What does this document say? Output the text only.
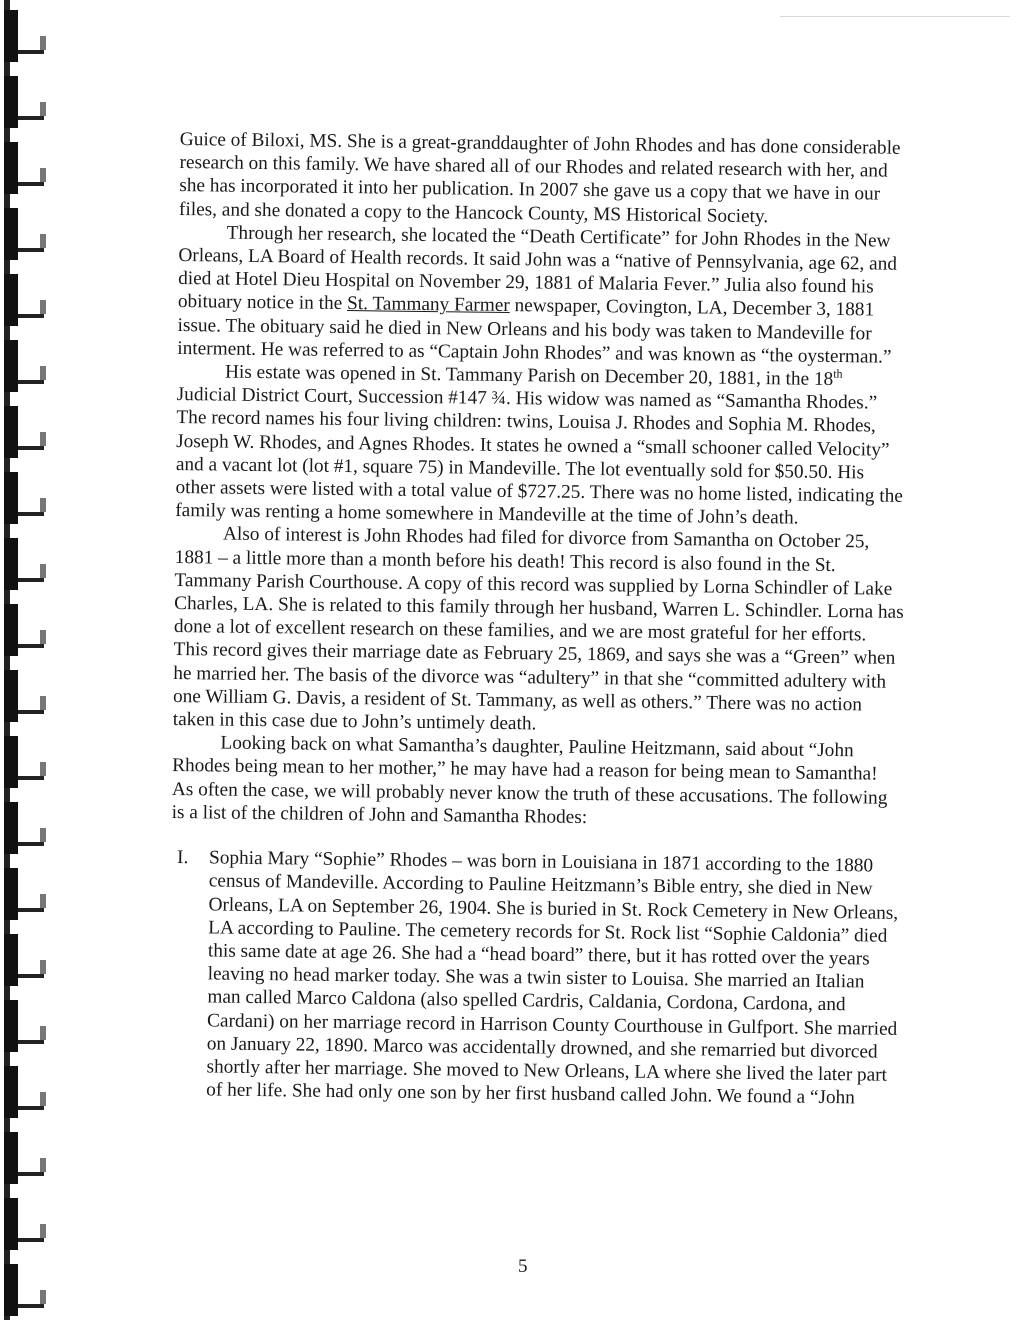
Guice of Biloxi, MS. She is a great-granddaughter of John Rhodes and has done considerable research on this family. We have shared all of our Rhodes and related research with her, and she has incorporated it into her publication. In 2007 she gave us a copy that we have in our files, and she donated a copy to the Hancock County, MS Historical Society.

Through her research, she located the “Death Certificate” for John Rhodes in the New Orleans, LA Board of Health records. It said John was a “native of Pennsylvania, age 62, and died at Hotel Dieu Hospital on November 29, 1881 of Malaria Fever.” Julia also found his obituary notice in the St. Tammany Farmer newspaper, Covington, LA, December 3, 1881 issue. The obituary said he died in New Orleans and his body was taken to Mandeville for interment. He was referred to as “Captain John Rhodes” and was known as “the oysterman.”

His estate was opened in St. Tammany Parish on December 20, 1881, in the 18th Judicial District Court, Succession #147 ¾. His widow was named as “Samantha Rhodes.” The record names his four living children: twins, Louisa J. Rhodes and Sophia M. Rhodes, Joseph W. Rhodes, and Agnes Rhodes. It states he owned a “small schooner called Velocity” and a vacant lot (lot #1, square 75) in Mandeville. The lot eventually sold for $50.50. His other assets were listed with a total value of $727.25. There was no home listed, indicating the family was renting a home somewhere in Mandeville at the time of John’s death.

Also of interest is John Rhodes had filed for divorce from Samantha on October 25, 1881 – a little more than a month before his death! This record is also found in the St. Tammany Parish Courthouse. A copy of this record was supplied by Lorna Schindler of Lake Charles, LA. She is related to this family through her husband, Warren L. Schindler. Lorna has done a lot of excellent research on these families, and we are most grateful for her efforts. This record gives their marriage date as February 25, 1869, and says she was a “Green” when he married her. The basis of the divorce was “adultery” in that she “committed adultery with one William G. Davis, a resident of St. Tammany, as well as others.” There was no action taken in this case due to John’s untimely death.

Looking back on what Samantha’s daughter, Pauline Heitzmann, said about “John Rhodes being mean to her mother,” he may have had a reason for being mean to Samantha! As often the case, we will probably never know the truth of these accusations. The following is a list of the children of John and Samantha Rhodes:

I.	Sophia Mary “Sophie” Rhodes – was born in Louisiana in 1871 according to the 1880 census of Mandeville. According to Pauline Heitzmann’s Bible entry, she died in New Orleans, LA on September 26, 1904. She is buried in St. Rock Cemetery in New Orleans, LA according to Pauline. The cemetery records for St. Rock list “Sophie Caldonia” died this same date at age 26. She had a “head board” there, but it has rotted over the years leaving no head marker today. She was a twin sister to Louisa. She married an Italian man called Marco Caldona (also spelled Cardris, Caldania, Cordona, Cardona, and Cardani) on her marriage record in Harrison County Courthouse in Gulfport. She married on January 22, 1890. Marco was accidentally drowned, and she remarried but divorced shortly after her marriage. She moved to New Orleans, LA where she lived the later part of her life. She had only one son by her first husband called John. We found a “John
5
